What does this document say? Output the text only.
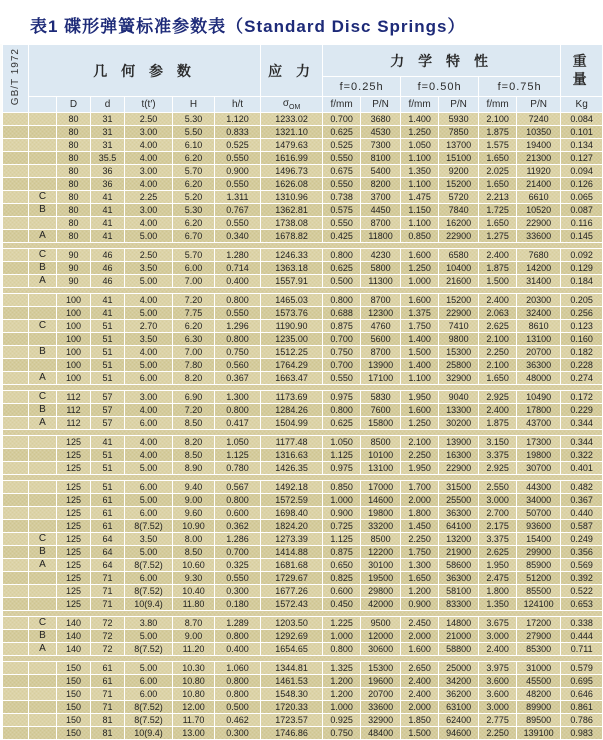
表1 碟形弹簧标准参数表（Standard Disc Springs）
GB/T 1972	几 何 参 数						应 力	力 学 特 性						重量
								f=0.25h		f=0.50h		f=0.75h		
		D	d	t(t′)	H	h/t	$\sigma_{OM}$	f/mm	P/N	f/mm	P/N	f/mm	P/N	Kg
		80	31	2.50	5.30	1.120	1233.02	0.700	3680	1.400	5930	2.100	7240	0.084
		80	31	3.00	5.50	0.833	1321.10	0.625	4530	1.250	7850	1.875	10350	0.101
		80	31	4.00	6.10	0.525	1479.63	0.525	7300	1.050	13700	1.575	19400	0.134
		80	35.5	4.00	6.20	0.550	1616.99	0.550	8100	1.100	15100	1.650	21300	0.127
		80	36	3.00	5.70	0.900	1496.73	0.675	5400	1.350	9200	2.025	11920	0.094
		80	36	4.00	6.20	0.550	1626.08	0.550	8200	1.100	15200	1.650	21400	0.126
	C	80	41	2.25	5.20	1.311	1310.96	0.738	3700	1.475	5720	2.213	6610	0.065
	B	80	41	3.00	5.30	0.767	1362.81	0.575	4450	1.150	7840	1.725	10520	0.087
		80	41	4.00	6.20	0.550	1738.08	0.550	8700	1.100	16200	1.650	22900	0.116
	A	80	41	5.00	6.70	0.340	1678.82	0.425	11800	0.850	22900	1.275	33600	0.145

	C	90	46	2.50	5.70	1.280	1246.33	0.800	4230	1.600	6580	2.400	7680	0.092
	B	90	46	3.50	6.00	0.714	1363.18	0.625	5800	1.250	10400	1.875	14200	0.129
	A	90	46	5.00	7.00	0.400	1557.91	0.500	11300	1.000	21600	1.500	31400	0.184

		100	41	4.00	7.20	0.800	1465.03	0.800	8700	1.600	15200	2.400	20300	0.205
		100	41	5.00	7.75	0.550	1573.76	0.688	12300	1.375	22900	2.063	32400	0.256
	C	100	51	2.70	6.20	1.296	1190.90	0.875	4760	1.750	7410	2.625	8610	0.123
		100	51	3.50	6.30	0.800	1235.00	0.700	5600	1.400	9800	2.100	13100	0.160
	B	100	51	4.00	7.00	0.750	1512.25	0.750	8700	1.500	15300	2.250	20700	0.182
		100	51	5.00	7.80	0.560	1764.29	0.700	13900	1.400	25800	2.100	36300	0.228
	A	100	51	6.00	8.20	0.367	1663.47	0.550	17100	1.100	32900	1.650	48000	0.274

	C	112	57	3.00	6.90	1.300	1173.69	0.975	5830	1.950	9040	2.925	10490	0.172
	B	112	57	4.00	7.20	0.800	1284.26	0.800	7600	1.600	13300	2.400	17800	0.229
	A	112	57	6.00	8.50	0.417	1504.99	0.625	15800	1.250	30200	1.875	43700	0.344

		125	41	4.00	8.20	1.050	1177.48	1.050	8500	2.100	13900	3.150	17300	0.344
		125	51	4.00	8.50	1.125	1316.63	1.125	10100	2.250	16300	3.375	19800	0.322
		125	51	5.00	8.90	0.780	1426.35	0.975	13100	1.950	22900	2.925	30700	0.401

		125	51	6.00	9.40	0.567	1492.18	0.850	17000	1.700	31500	2.550	44300	0.482
		125	61	5.00	9.00	0.800	1572.59	1.000	14600	2.000	25500	3.000	34000	0.367
		125	61	6.00	9.60	0.600	1698.40	0.900	19800	1.800	36300	2.700	50700	0.440
		125	61	8(7.52)	10.90	0.362	1824.20	0.725	33200	1.450	64100	2.175	93600	0.587
	C	125	64	3.50	8.00	1.286	1273.39	1.125	8500	2.250	13200	3.375	15400	0.249
	B	125	64	5.00	8.50	0.700	1414.88	0.875	12200	1.750	21900	2.625	29900	0.356
	A	125	64	8(7.52)	10.60	0.325	1681.68	0.650	30100	1.300	58600	1.950	85900	0.569
		125	71	6.00	9.30	0.550	1729.67	0.825	19500	1.650	36300	2.475	51200	0.392
		125	71	8(7.52)	10.40	0.300	1677.26	0.600	29800	1.200	58100	1.800	85500	0.522
		125	71	10(9.4)	11.80	0.180	1572.43	0.450	42000	0.900	83300	1.350	124100	0.653

	C	140	72	3.80	8.70	1.289	1203.50	1.225	9500	2.450	14800	3.675	17200	0.338
	B	140	72	5.00	9.00	0.800	1292.69	1.000	12000	2.000	21000	3.000	27900	0.444
	A	140	72	8(7.52)	11.20	0.400	1654.65	0.800	30600	1.600	58800	2.400	85300	0.711

		150	61	5.00	10.30	1.060	1344.81	1.325	15300	2.650	25000	3.975	31000	0.579
		150	61	6.00	10.80	0.800	1461.53	1.200	19600	2.400	34200	3.600	45500	0.695
		150	71	6.00	10.80	0.800	1548.30	1.200	20700	2.400	36200	3.600	48200	0.646
		150	71	8(7.52)	12.00	0.500	1720.33	1.000	33600	2.000	63100	3.000	89900	0.861
		150	81	8(7.52)	11.70	0.462	1723.57	0.925	32900	1.850	62400	2.775	89500	0.786
		150	81	10(9.4)	13.00	0.300	1746.86	0.750	48400	1.500	94600	2.250	139100	0.983
